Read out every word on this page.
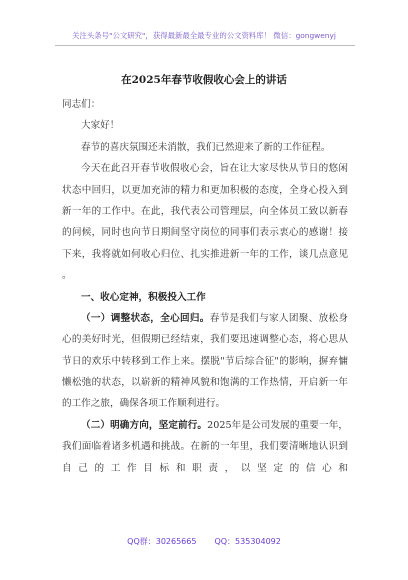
关注头条号"公文研究"，获得最新最全最专业的公文资料库！ 微信：gongwenyj
在2025年春节收假收心会上的讲话
同志们：
大家好！
春节的喜庆氛围还未消散，我们已然迎来了新的工作征程。
今天在此召开春节收假收心会，旨在让大家尽快从节日的悠闲
状态中回归，以更加充沛的精力和更加积极的态度，全身心投入到
新一年的工作中。在此，我代表公司管理层，向全体员工致以新春
的问候，同时也向节日期间坚守岗位的同事们表示衷心的感谢！接
下来，我将就如何收心归位、扎实推进新一年的工作，谈几点意见
。
一、收心定神，积极投入工作
（一）调整状态，全心回归。春节是我们与家人团聚、放松身
心的美好时光，但假期已经结束，我们要迅速调整心态，将心思从
节日的欢乐中转移到工作上来。摆脱"节后综合征"的影响，摒弃慵
懒松弛的状态，以崭新的精神风貌和饱满的工作热情，开启新一年
的工作之旅，确保各项工作顺利进行。
（二）明确方向，坚定前行。2025年是公司发展的重要一年，
我们面临着诸多机遇和挑战。在新的一年里，我们要清晰地认识到
自己的工作目标和职责，以坚定的信心和
QQ群：30265665 QQ：535304092
